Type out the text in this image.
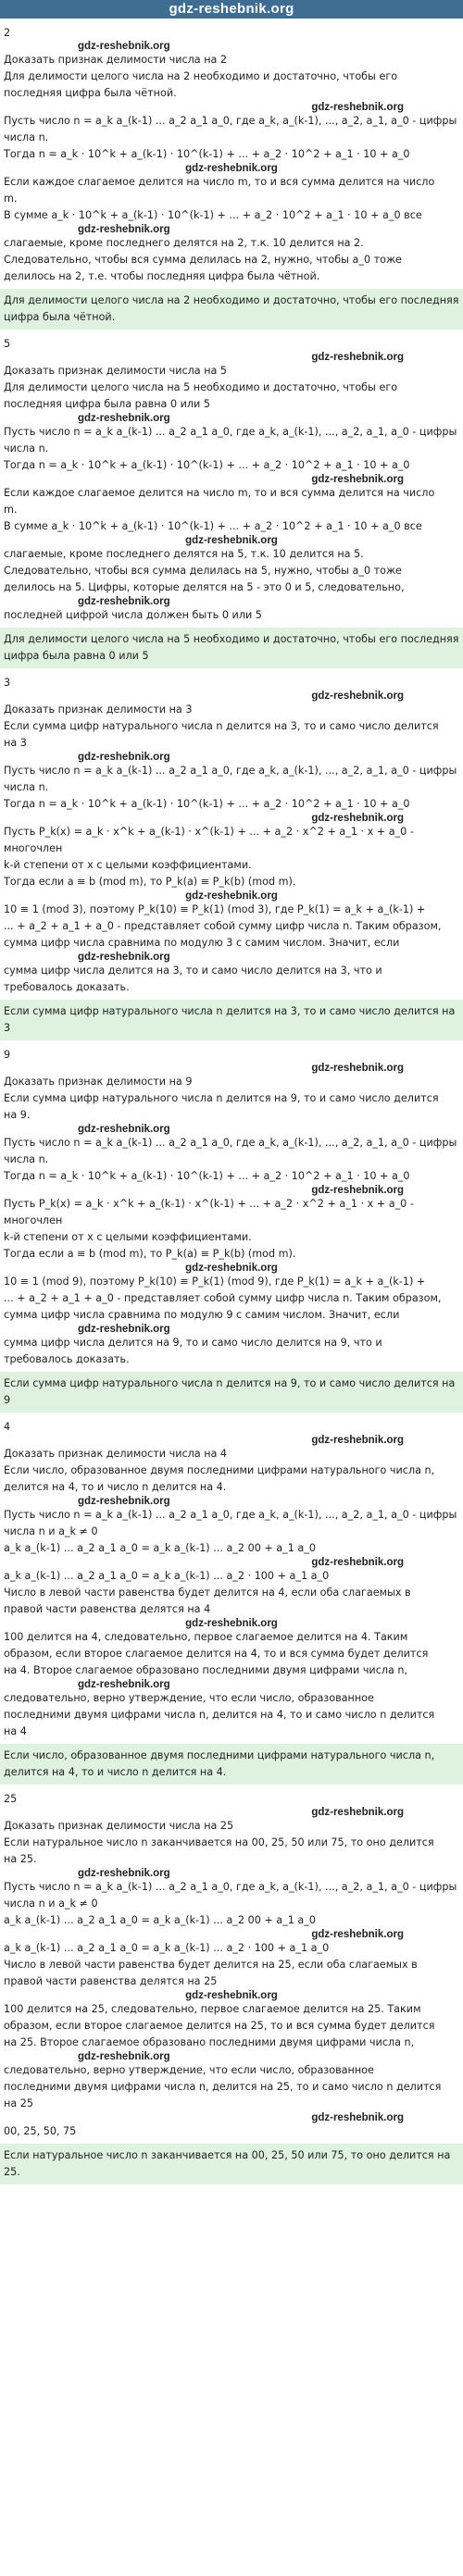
gdz-reshebnik.org
2
gdz-reshebnik.org
Доказать признак делимости числа на 2
Для делимости целого числа на 2 необходимо и достаточно, чтобы его
последняя цифра была чётной.
gdz-reshebnik.org
Пусть число n = a_k a_(k-1) ... a_2 a_1 a_0, где a_k, a_(k-1), ..., a_2, a_1, a_0 - цифры
числа n.
Тогда n = a_k · 10^k + a_(k-1) · 10^(k-1) + ... + a_2 · 10^2 + a_1 · 10 + a_0
gdz-reshebnik.org
Если каждое слагаемое делится на число m, то и вся сумма делится на число
m.
В сумме a_k · 10^k + a_(k-1) · 10^(k-1) + ... + a_2 · 10^2 + a_1 · 10 + a_0 все
gdz-reshebnik.org
слагаемые, кроме последнего делятся на 2, т.к. 10 делится на 2.
Следовательно, чтобы вся сумма делилась на 2, нужно, чтобы a_0 тоже
делилось на 2, т.е. чтобы последняя цифра была чётной.
Для делимости целого числа на 2 необходимо и достаточно, чтобы его последняя цифра была чётной.
5
gdz-reshebnik.org
Доказать признак делимости числа на 5
Для делимости целого числа на 5 необходимо и достаточно, чтобы его
последняя цифра была равна 0 или 5
gdz-reshebnik.org
Пусть число n = a_k a_(k-1) ... a_2 a_1 a_0, где a_k, a_(k-1), ..., a_2, a_1, a_0 - цифры
числа n.
Тогда n = a_k · 10^k + a_(k-1) · 10^(k-1) + ... + a_2 · 10^2 + a_1 · 10 + a_0
gdz-reshebnik.org
Если каждое слагаемое делится на число m, то и вся сумма делится на число
m.
В сумме a_k · 10^k + a_(k-1) · 10^(k-1) + ... + a_2 · 10^2 + a_1 · 10 + a_0 все
gdz-reshebnik.org
слагаемые, кроме последнего делятся на 5, т.к. 10 делится на 5.
Следовательно, чтобы вся сумма делилась на 5, нужно, чтобы a_0 тоже
делилось на 5. Цифры, которые делятся на 5 - это 0 и 5, следовательно,
gdz-reshebnik.org
последней цифрой числа должен быть 0 или 5
Для делимости целого числа на 5 необходимо и достаточно, чтобы его последняя цифра была равна 0 или 5
3
gdz-reshebnik.org
Доказать признак делимости на 3
Если сумма цифр натурального числа n делится на 3, то и само число делится
на 3
gdz-reshebnik.org
Пусть число n = a_k a_(k-1) ... a_2 a_1 a_0, где a_k, a_(k-1), ..., a_2, a_1, a_0 - цифры
числа n.
Тогда n = a_k · 10^k + a_(k-1) · 10^(k-1) + ... + a_2 · 10^2 + a_1 · 10 + a_0
gdz-reshebnik.org
Пусть P_k(x) = a_k · x^k + a_(k-1) · x^(k-1) + ... + a_2 · x^2 + a_1 · x + a_0 - многочлен
k-й степени от x с целыми коэффициентами.
Тогда если a ≡ b (mod m), то P_k(a) ≡ P_k(b) (mod m).
gdz-reshebnik.org
10 ≡ 1 (mod 3), поэтому P_k(10) ≡ P_k(1) (mod 3), где P_k(1) = a_k + a_(k-1) +
... + a_2 + a_1 + a_0 - представляет собой сумму цифр числа n. Таким образом,
сумма цифр числа сравнима по модулю 3 с самим числом. Значит, если
gdz-reshebnik.org
сумма цифр числа делится на 3, то и само число делится на 3, что и
требовалось доказать.
Если сумма цифр натурального числа n делится на 3, то и само число делится на 3
9
gdz-reshebnik.org
Доказать признак делимости на 9
Если сумма цифр натурального числа n делится на 9, то и само число делится
на 9.
gdz-reshebnik.org
Пусть число n = a_k a_(k-1) ... a_2 a_1 a_0, где a_k, a_(k-1), ..., a_2, a_1, a_0 - цифры
числа n.
Тогда n = a_k · 10^k + a_(k-1) · 10^(k-1) + ... + a_2 · 10^2 + a_1 · 10 + a_0
gdz-reshebnik.org
Пусть P_k(x) = a_k · x^k + a_(k-1) · x^(k-1) + ... + a_2 · x^2 + a_1 · x + a_0 - многочлен
k-й степени от x с целыми коэффициентами.
Тогда если a ≡ b (mod m), то P_k(a) ≡ P_k(b) (mod m).
gdz-reshebnik.org
10 ≡ 1 (mod 9), поэтому P_k(10) ≡ P_k(1) (mod 9), где P_k(1) = a_k + a_(k-1) +
... + a_2 + a_1 + a_0 - представляет собой сумму цифр числа n. Таким образом,
сумма цифр числа сравнима по модулю 9 с самим числом. Значит, если
gdz-reshebnik.org
сумма цифр числа делится на 9, то и само число делится на 9, что и
требовалось доказать.
Если сумма цифр натурального числа n делится на 9, то и само число делится на 9
4
gdz-reshebnik.org
Доказать признак делимости числа на 4
Если число, образованное двумя последними цифрами натурального числа n,
делится на 4, то и число n делится на 4.
gdz-reshebnik.org
Пусть число n = a_k a_(k-1) ... a_2 a_1 a_0, где a_k, a_(k-1), ..., a_2, a_1, a_0 - цифры
числа n и a_k ≠ 0
a_k a_(k-1) ... a_2 a_1 a_0 = a_k a_(k-1) ... a_2 00 + a_1 a_0
gdz-reshebnik.org
a_k a_(k-1) ... a_2 a_1 a_0 = a_k a_(k-1) ... a_2 · 100 + a_1 a_0
Число в левой части равенства будет делится на 4, если оба слагаемых в
правой части равенства делятся на 4
gdz-reshebnik.org
100 делится на 4, следовательно, первое слагаемое делится на 4. Таким
образом, если второе слагаемое делится на 4, то и вся сумма будет делится
на 4. Второе слагаемое образовано последними двумя цифрами числа n,
gdz-reshebnik.org
следовательно, верно утверждение, что если число, образованное
последними двумя цифрами числа n, делится на 4, то и само число n делится
на 4
Если число, образованное двумя последними цифрами натурального числа n, делится на 4, то и число n делится на 4.
25
gdz-reshebnik.org
Доказать признак делимости числа на 25
Если натуральное число n заканчивается на 00, 25, 50 или 75, то оно делится
на 25.
gdz-reshebnik.org
Пусть число n = a_k a_(k-1) ... a_2 a_1 a_0, где a_k, a_(k-1), ..., a_2, a_1, a_0 - цифры
числа n и a_k ≠ 0
a_k a_(k-1) ... a_2 a_1 a_0 = a_k a_(k-1) ... a_2 00 + a_1 a_0
gdz-reshebnik.org
a_k a_(k-1) ... a_2 a_1 a_0 = a_k a_(k-1) ... a_2 · 100 + a_1 a_0
Число в левой части равенства будет делится на 25, если оба слагаемых в
правой части равенства делятся на 25
gdz-reshebnik.org
100 делится на 25, следовательно, первое слагаемое делится на 25. Таким
образом, если второе слагаемое делится на 25, то и вся сумма будет делится
на 25. Второе слагаемое образовано последними двумя цифрами числа n,
gdz-reshebnik.org
следовательно, верно утверждение, что если число, образованное
последними двумя цифрами числа n, делится на 25, то и само число n делится
на 25
gdz-reshebnik.org
00, 25, 50, 75
Если натуральное число n заканчивается на 00, 25, 50 или 75, то оно делится на 25.
